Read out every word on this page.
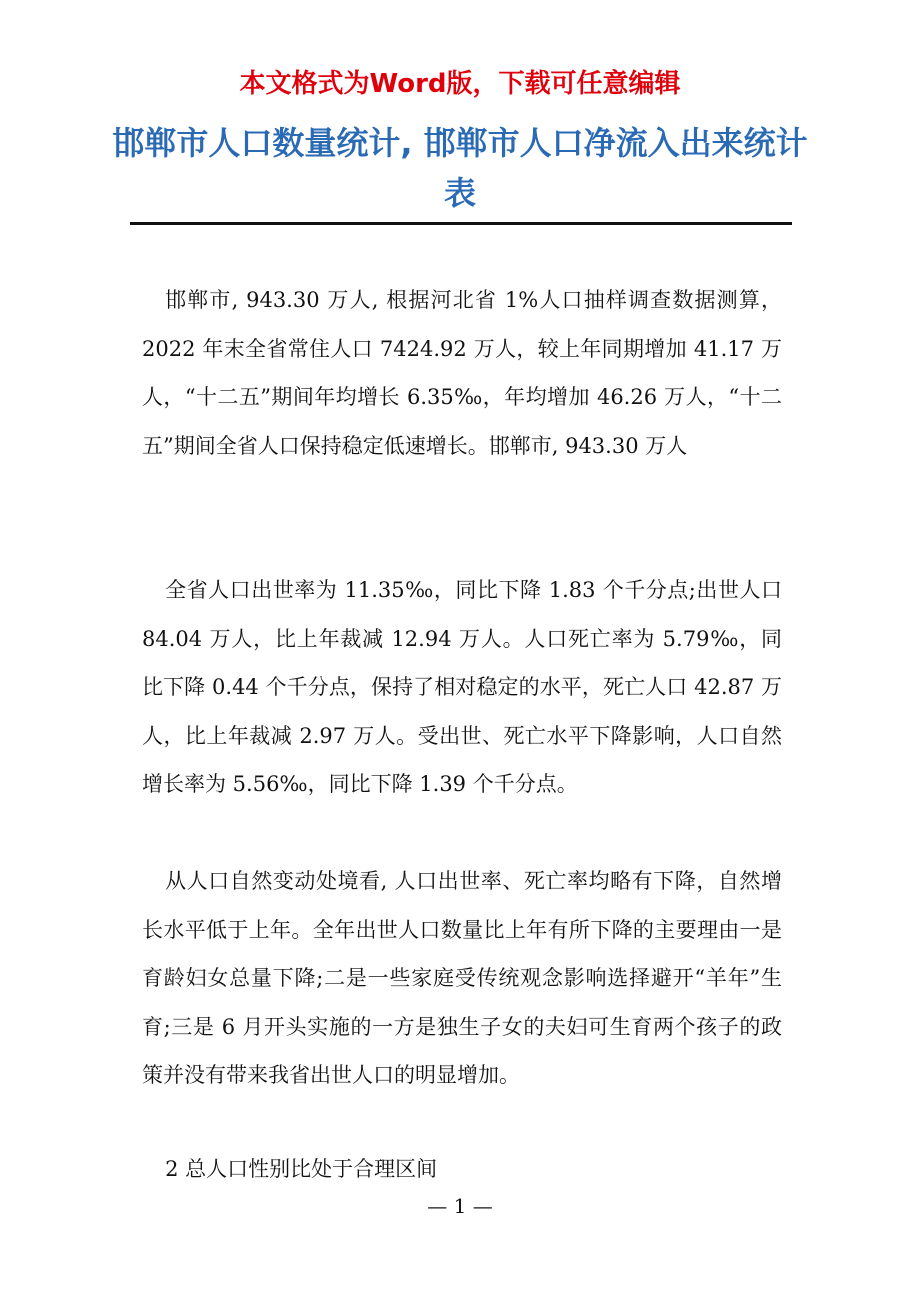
本文格式为Word版，下载可任意编辑
邯郸市人口数量统计, 邯郸市人口净流入出来统计表

邯郸市, 943.30 万人, 根据河北省 1%人口抽样调查数据测算，2022 年末全省常住人口 7424.92 万人，较上年同期增加 41.17 万人，“十二五”期间年均增长 6.35‰，年均增加 46.26 万人，“十二五”期间全省人口保持稳定低速增长。邯郸市, 943.30 万人

全省人口出世率为 11.35‰，同比下降 1.83 个千分点;出世人口 84.04 万人，比上年裁减 12.94 万人。人口死亡率为 5.79‰，同比下降 0.44 个千分点，保持了相对稳定的水平，死亡人口 42.87 万人，比上年裁减 2.97 万人。受出世、死亡水平下降影响，人口自然增长率为 5.56‰，同比下降 1.39 个千分点。

从人口自然变动处境看, 人口出世率、死亡率均略有下降，自然增长水平低于上年。全年出世人口数量比上年有所下降的主要理由一是育龄妇女总量下降;二是一些家庭受传统观念影响选择避开“羊年”生育;三是 6 月开头实施的一方是独生子女的夫妇可生育两个孩子的政策并没有带来我省出世人口的明显增加。

2 总人口性别比处于合理区间

— 1 —
